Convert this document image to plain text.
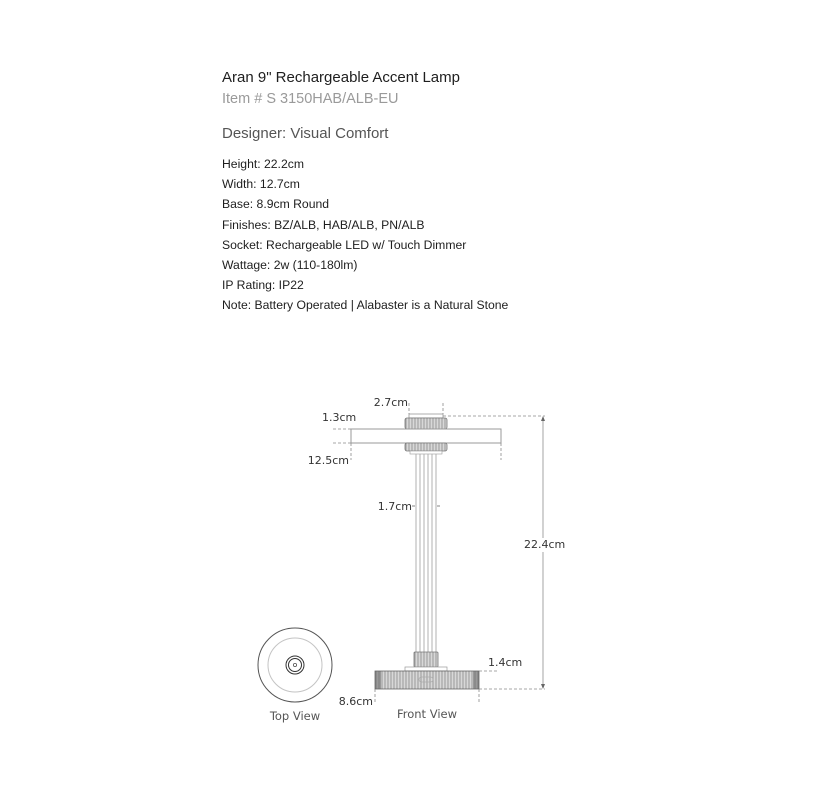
Aran 9" Rechargeable Accent Lamp
Item # S 3150HAB/ALB-EU
Designer: Visual Comfort
Height: 22.2cm
Width: 12.7cm
Base: 8.9cm Round
Finishes: BZ/ALB, HAB/ALB, PN/ALB
Socket: Rechargeable LED w/ Touch Dimmer
Wattage: 2w (110-180lm)
IP Rating: IP22
Note: Battery Operated | Alabaster is a Natural Stone
Top View	Front View
2.7cm
1.3cm
12.5cm
1.7cm
22.4cm
1.4cm
8.6cm
